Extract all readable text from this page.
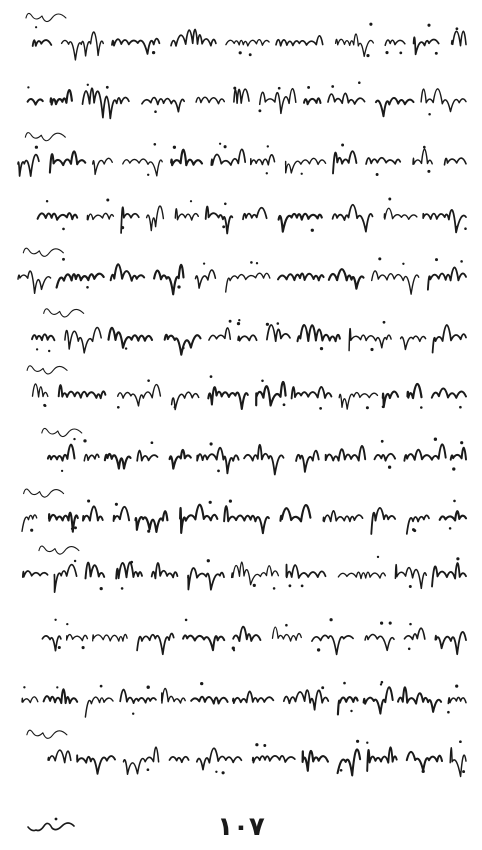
١٠٧
